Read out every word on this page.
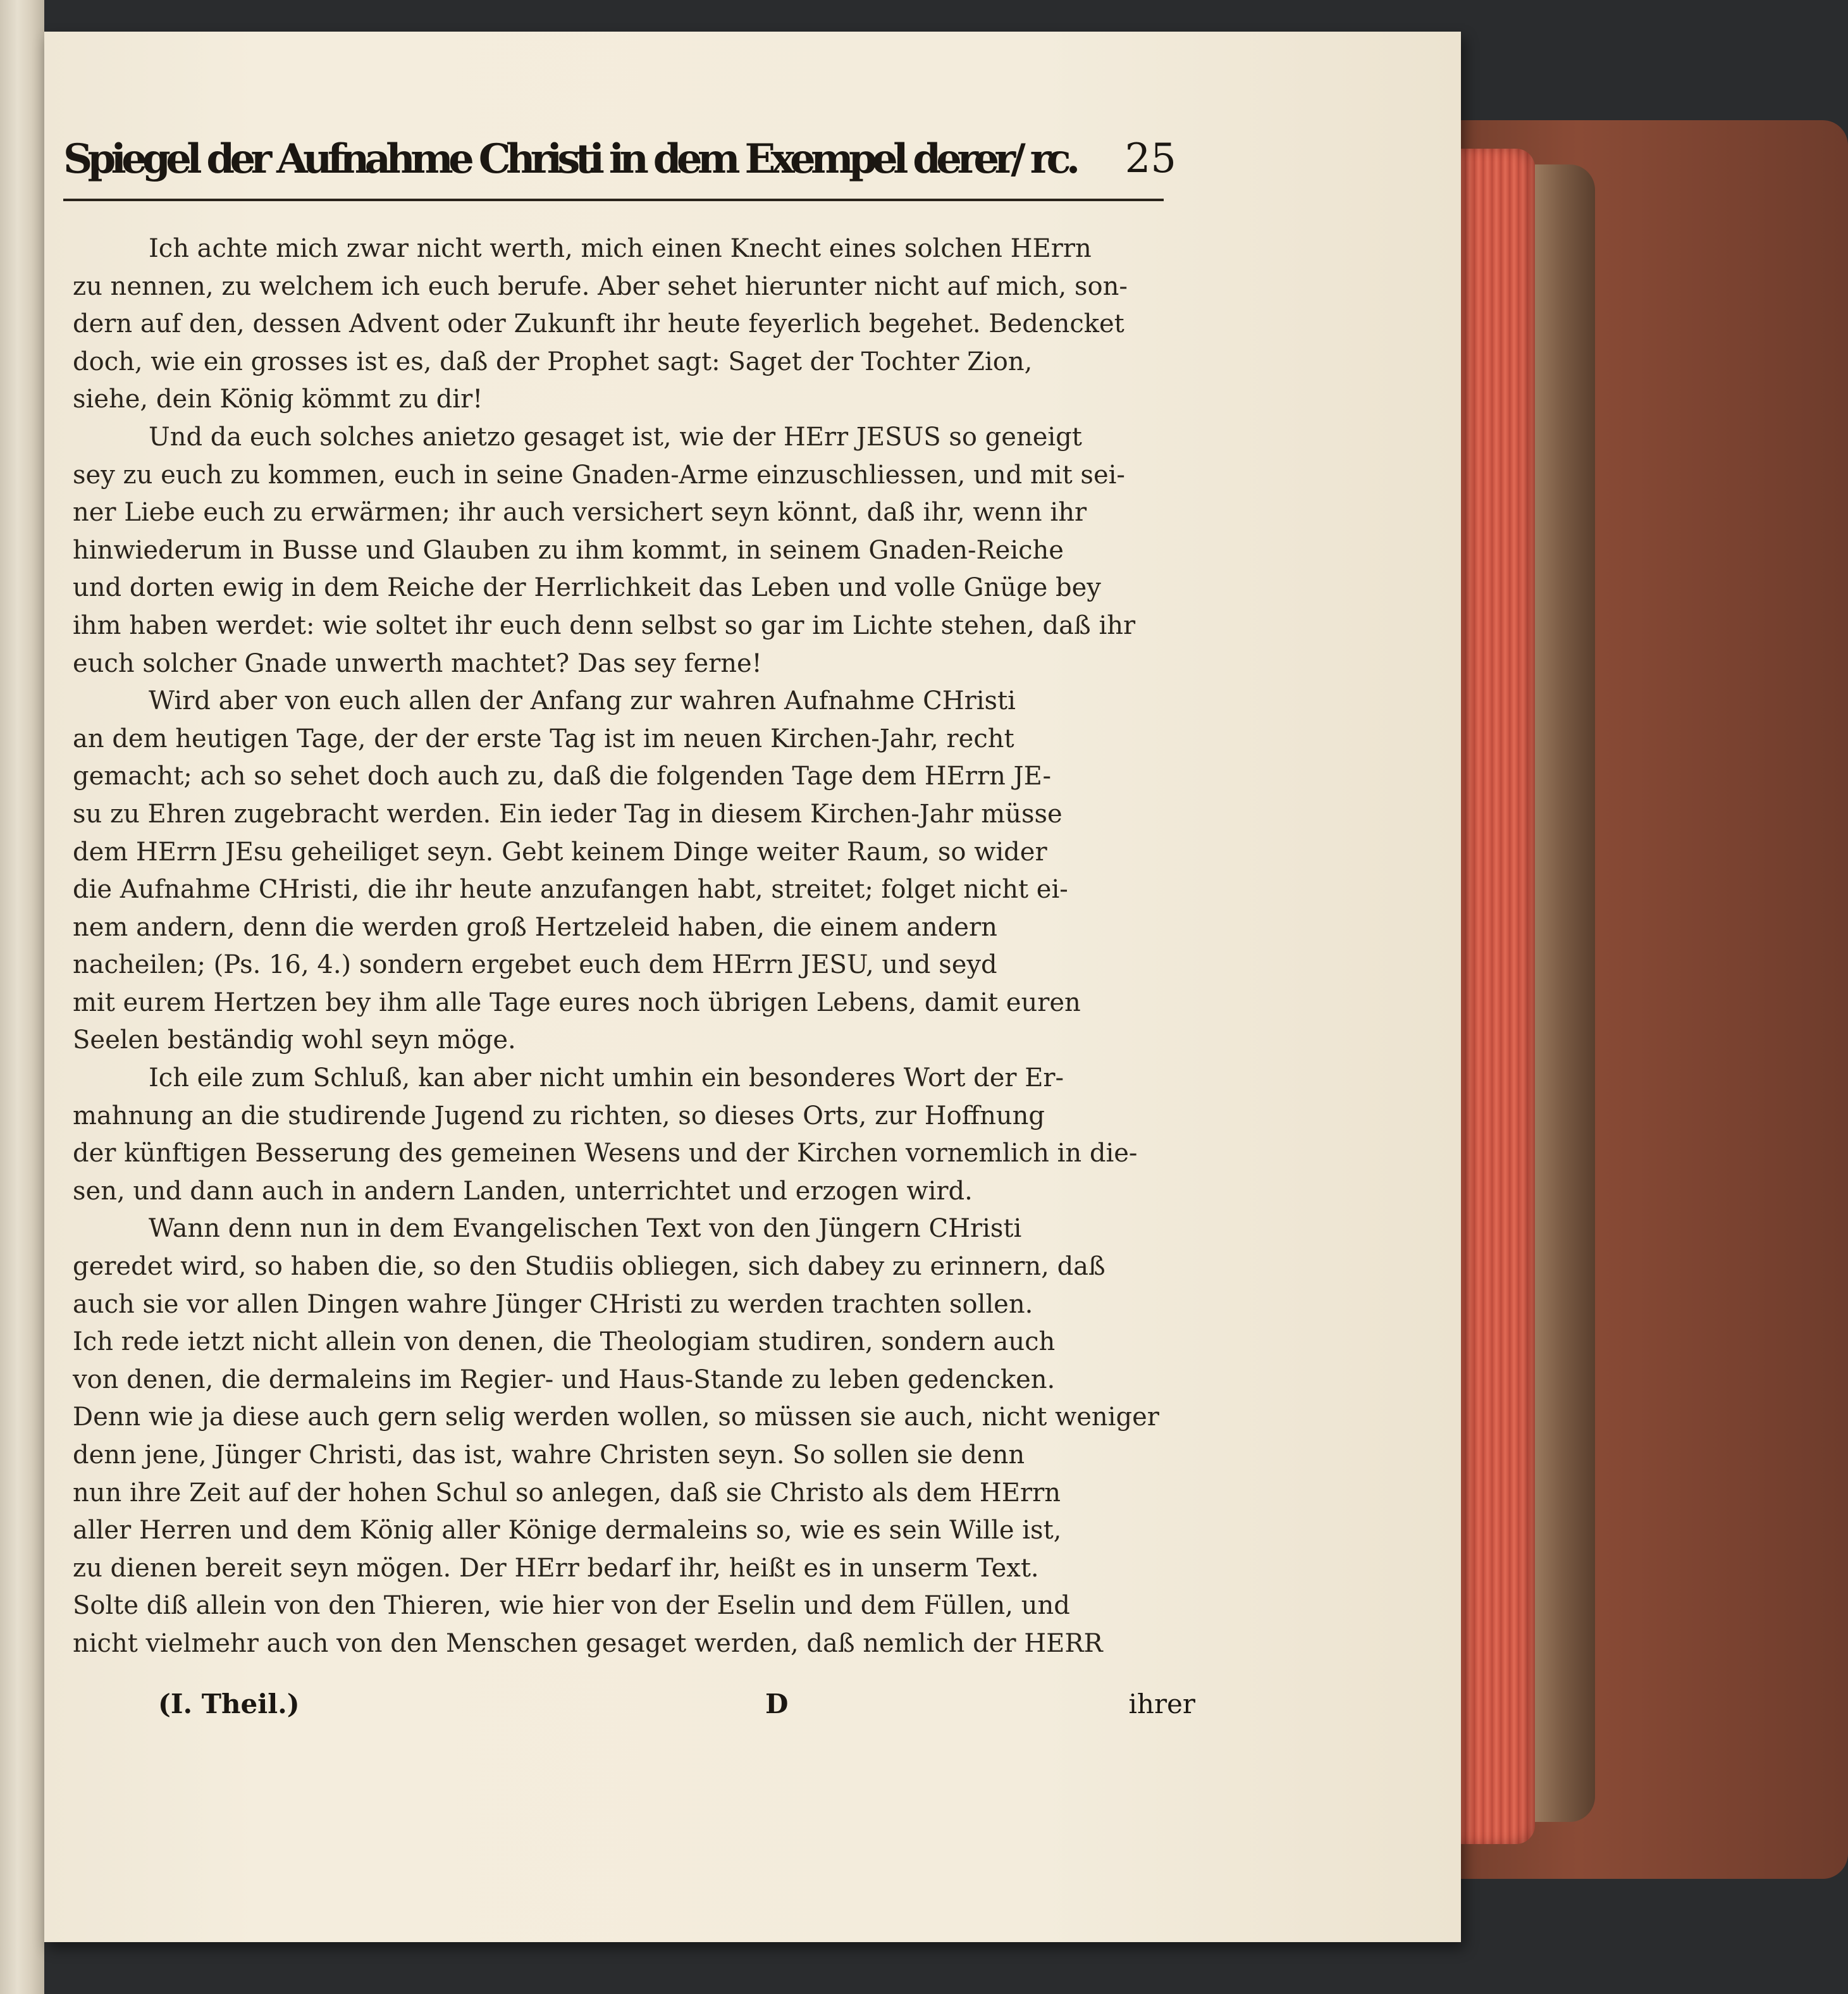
Spiegel der Aufnahme Christi in dem Exempel derer/ rc. 25
Ich achte mich zwar nicht werth, mich einen Knecht eines solchen HErrn
zu nennen, zu welchem ich euch berufe. Aber sehet hierunter nicht auf mich, son-
dern auf den, dessen Advent oder Zukunft ihr heute feyerlich begehet. Bedencket
doch, wie ein grosses ist es, daß der Prophet sagt: Saget der Tochter Zion,
siehe, dein König kömmt zu dir!
Und da euch solches anietzo gesaget ist, wie der HErr JESUS so geneigt
sey zu euch zu kommen, euch in seine Gnaden-Arme einzuschliessen, und mit sei-
ner Liebe euch zu erwärmen; ihr auch versichert seyn könnt, daß ihr, wenn ihr
hinwiederum in Busse und Glauben zu ihm kommt, in seinem Gnaden-Reiche
und dorten ewig in dem Reiche der Herrlichkeit das Leben und volle Gnüge bey
ihm haben werdet: wie soltet ihr euch denn selbst so gar im Lichte stehen, daß ihr
euch solcher Gnade unwerth machtet? Das sey ferne!
Wird aber von euch allen der Anfang zur wahren Aufnahme CHristi
an dem heutigen Tage, der der erste Tag ist im neuen Kirchen-Jahr, recht
gemacht; ach so sehet doch auch zu, daß die folgenden Tage dem HErrn JE-
su zu Ehren zugebracht werden. Ein ieder Tag in diesem Kirchen-Jahr müsse
dem HErrn JEsu geheiliget seyn. Gebt keinem Dinge weiter Raum, so wider
die Aufnahme CHristi, die ihr heute anzufangen habt, streitet; folget nicht ei-
nem andern, denn die werden groß Hertzeleid haben, die einem andern
nacheilen; (Ps. 16, 4.) sondern ergebet euch dem HErrn JESU, und seyd
mit eurem Hertzen bey ihm alle Tage eures noch übrigen Lebens, damit euren
Seelen beständig wohl seyn möge.
Ich eile zum Schluß, kan aber nicht umhin ein besonderes Wort der Er-
mahnung an die studirende Jugend zu richten, so dieses Orts, zur Hoffnung
der künftigen Besserung des gemeinen Wesens und der Kirchen vornemlich in die-
sen, und dann auch in andern Landen, unterrichtet und erzogen wird.
Wann denn nun in dem Evangelischen Text von den Jüngern CHristi
geredet wird, so haben die, so den Studiis obliegen, sich dabey zu erinnern, daß
auch sie vor allen Dingen wahre Jünger CHristi zu werden trachten sollen.
Ich rede ietzt nicht allein von denen, die Theologiam studiren, sondern auch
von denen, die dermaleins im Regier- und Haus-Stande zu leben gedencken.
Denn wie ja diese auch gern selig werden wollen, so müssen sie auch, nicht weniger
denn jene, Jünger Christi, das ist, wahre Christen seyn. So sollen sie denn
nun ihre Zeit auf der hohen Schul so anlegen, daß sie Christo als dem HErrn
aller Herren und dem König aller Könige dermaleins so, wie es sein Wille ist,
zu dienen bereit seyn mögen. Der HErr bedarf ihr, heißt es in unserm Text.
Solte diß allein von den Thieren, wie hier von der Eselin und dem Füllen, und
nicht vielmehr auch von den Menschen gesaget werden, daß nemlich der HERR
(I. Theil.)	D	ihrer
